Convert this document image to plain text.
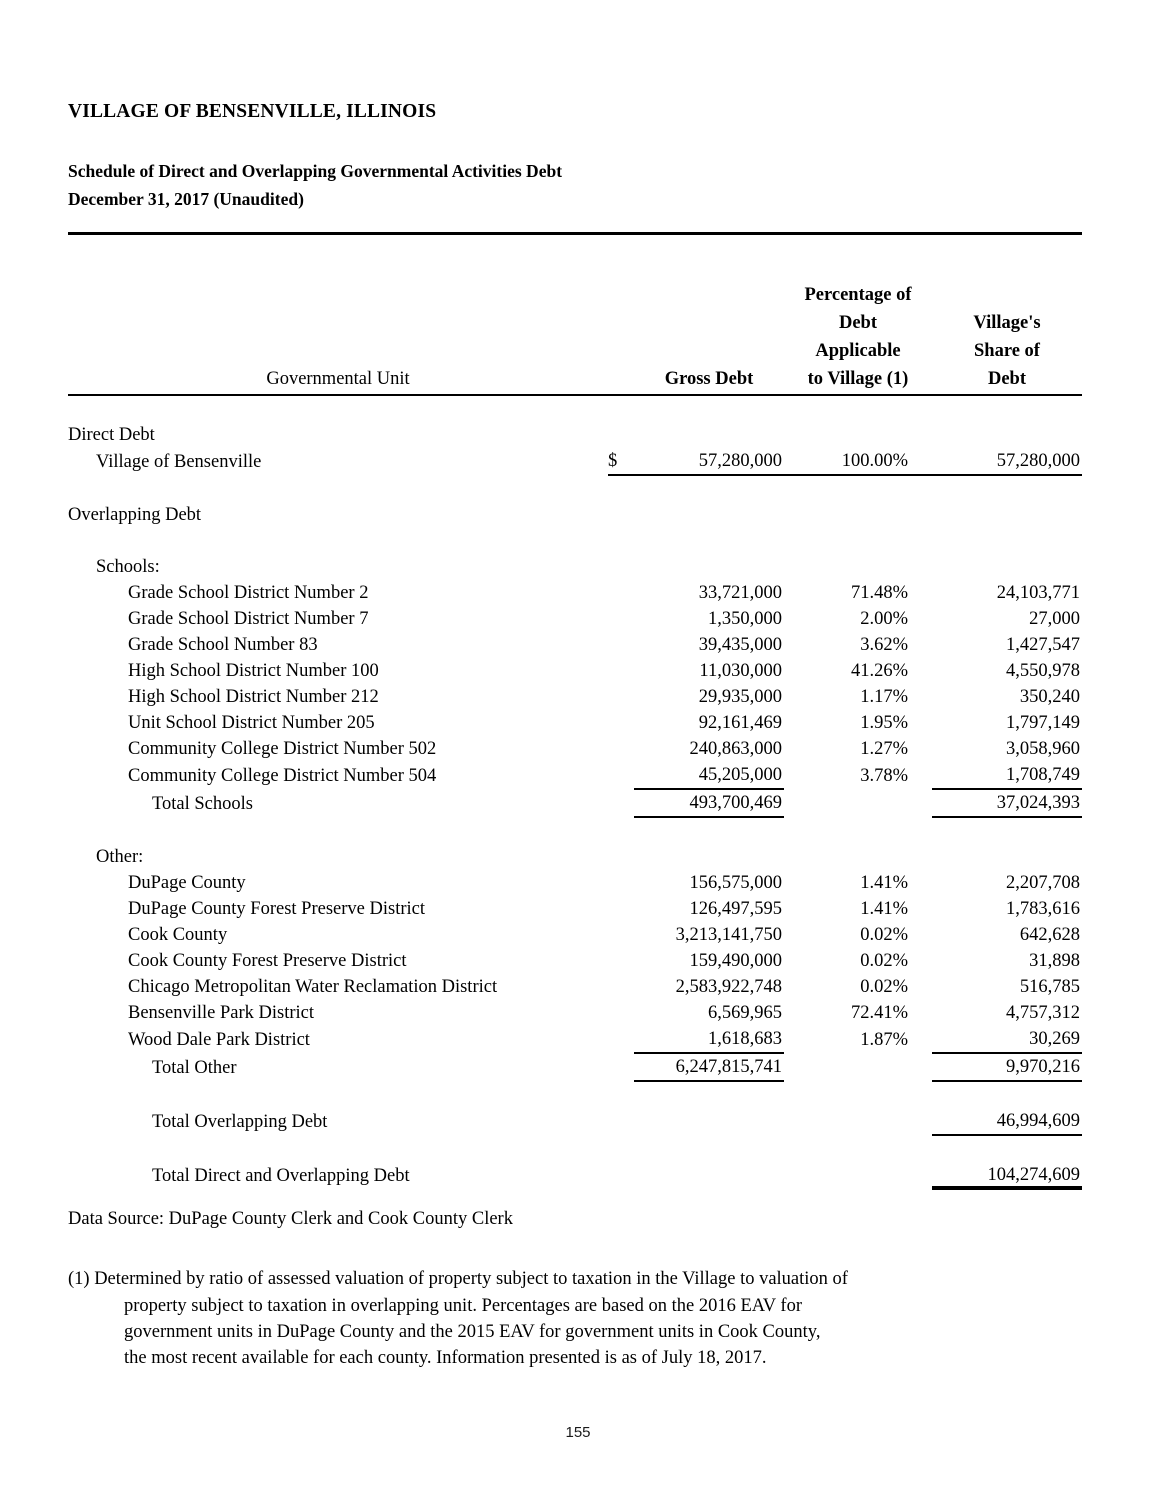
VILLAGE OF BENSENVILLE, ILLINOIS
Schedule of Direct and Overlapping Governmental Activities Debt
December 31, 2017 (Unaudited)
			Percentage of	
			Debt	Village's
			Applicable	Share of
Governmental Unit		Gross Debt	to Village (1)	Debt

Direct Debt				
Village of Bensenville	$	57,280,000	100.00%	57,280,000

Overlapping Debt				

Schools:				
Grade School District Number 2		33,721,000	71.48%	24,103,771
Grade School District Number 7		1,350,000	2.00%	27,000
Grade School Number 83		39,435,000	3.62%	1,427,547
High School District Number 100		11,030,000	41.26%	4,550,978
High School District Number 212		29,935,000	1.17%	350,240
Unit School District Number 205		92,161,469	1.95%	1,797,149
Community College District Number 502		240,863,000	1.27%	3,058,960
Community College District Number 504		45,205,000	3.78%	1,708,749
Total Schools		493,700,469		37,024,393

Other:				
DuPage County		156,575,000	1.41%	2,207,708
DuPage County Forest Preserve District		126,497,595	1.41%	1,783,616
Cook County		3,213,141,750	0.02%	642,628
Cook County Forest Preserve District		159,490,000	0.02%	31,898
Chicago Metropolitan Water Reclamation District		2,583,922,748	0.02%	516,785
Bensenville Park District		6,569,965	72.41%	4,757,312
Wood Dale Park District		1,618,683	1.87%	30,269
Total Other		6,247,815,741		9,970,216

Total Overlapping Debt				46,994,609

Total Direct and Overlapping Debt				104,274,609

Data Source: DuPage County Clerk and Cook County Clerk

(1) Determined by ratio of assessed valuation of property subject to taxation in the Village to valuation of
property subject to taxation in overlapping unit. Percentages are based on the 2016 EAV for
government units in DuPage County and the 2015 EAV for government units in Cook County,
the most recent available for each county. Information presented is as of July 18, 2017.
155
